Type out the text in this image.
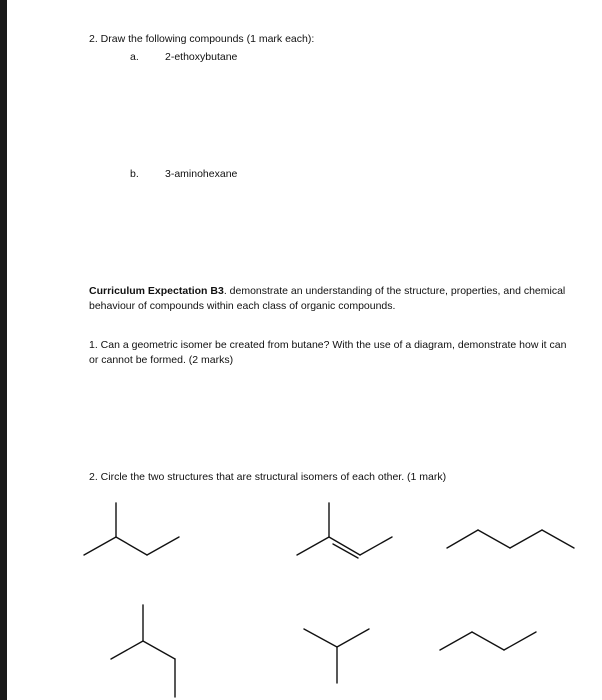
2. Draw the following compounds (1 mark each):
a. 2-ethoxybutane
b. 3-aminohexane
Curriculum Expectation B3. demonstrate an understanding of the structure, properties, and chemical behaviour of compounds within each class of organic compounds.
1. Can a geometric isomer be created from butane? With the use of a diagram, demonstrate how it can or cannot be formed. (2 marks)
2. Circle the two structures that are structural isomers of each other. (1 mark)
